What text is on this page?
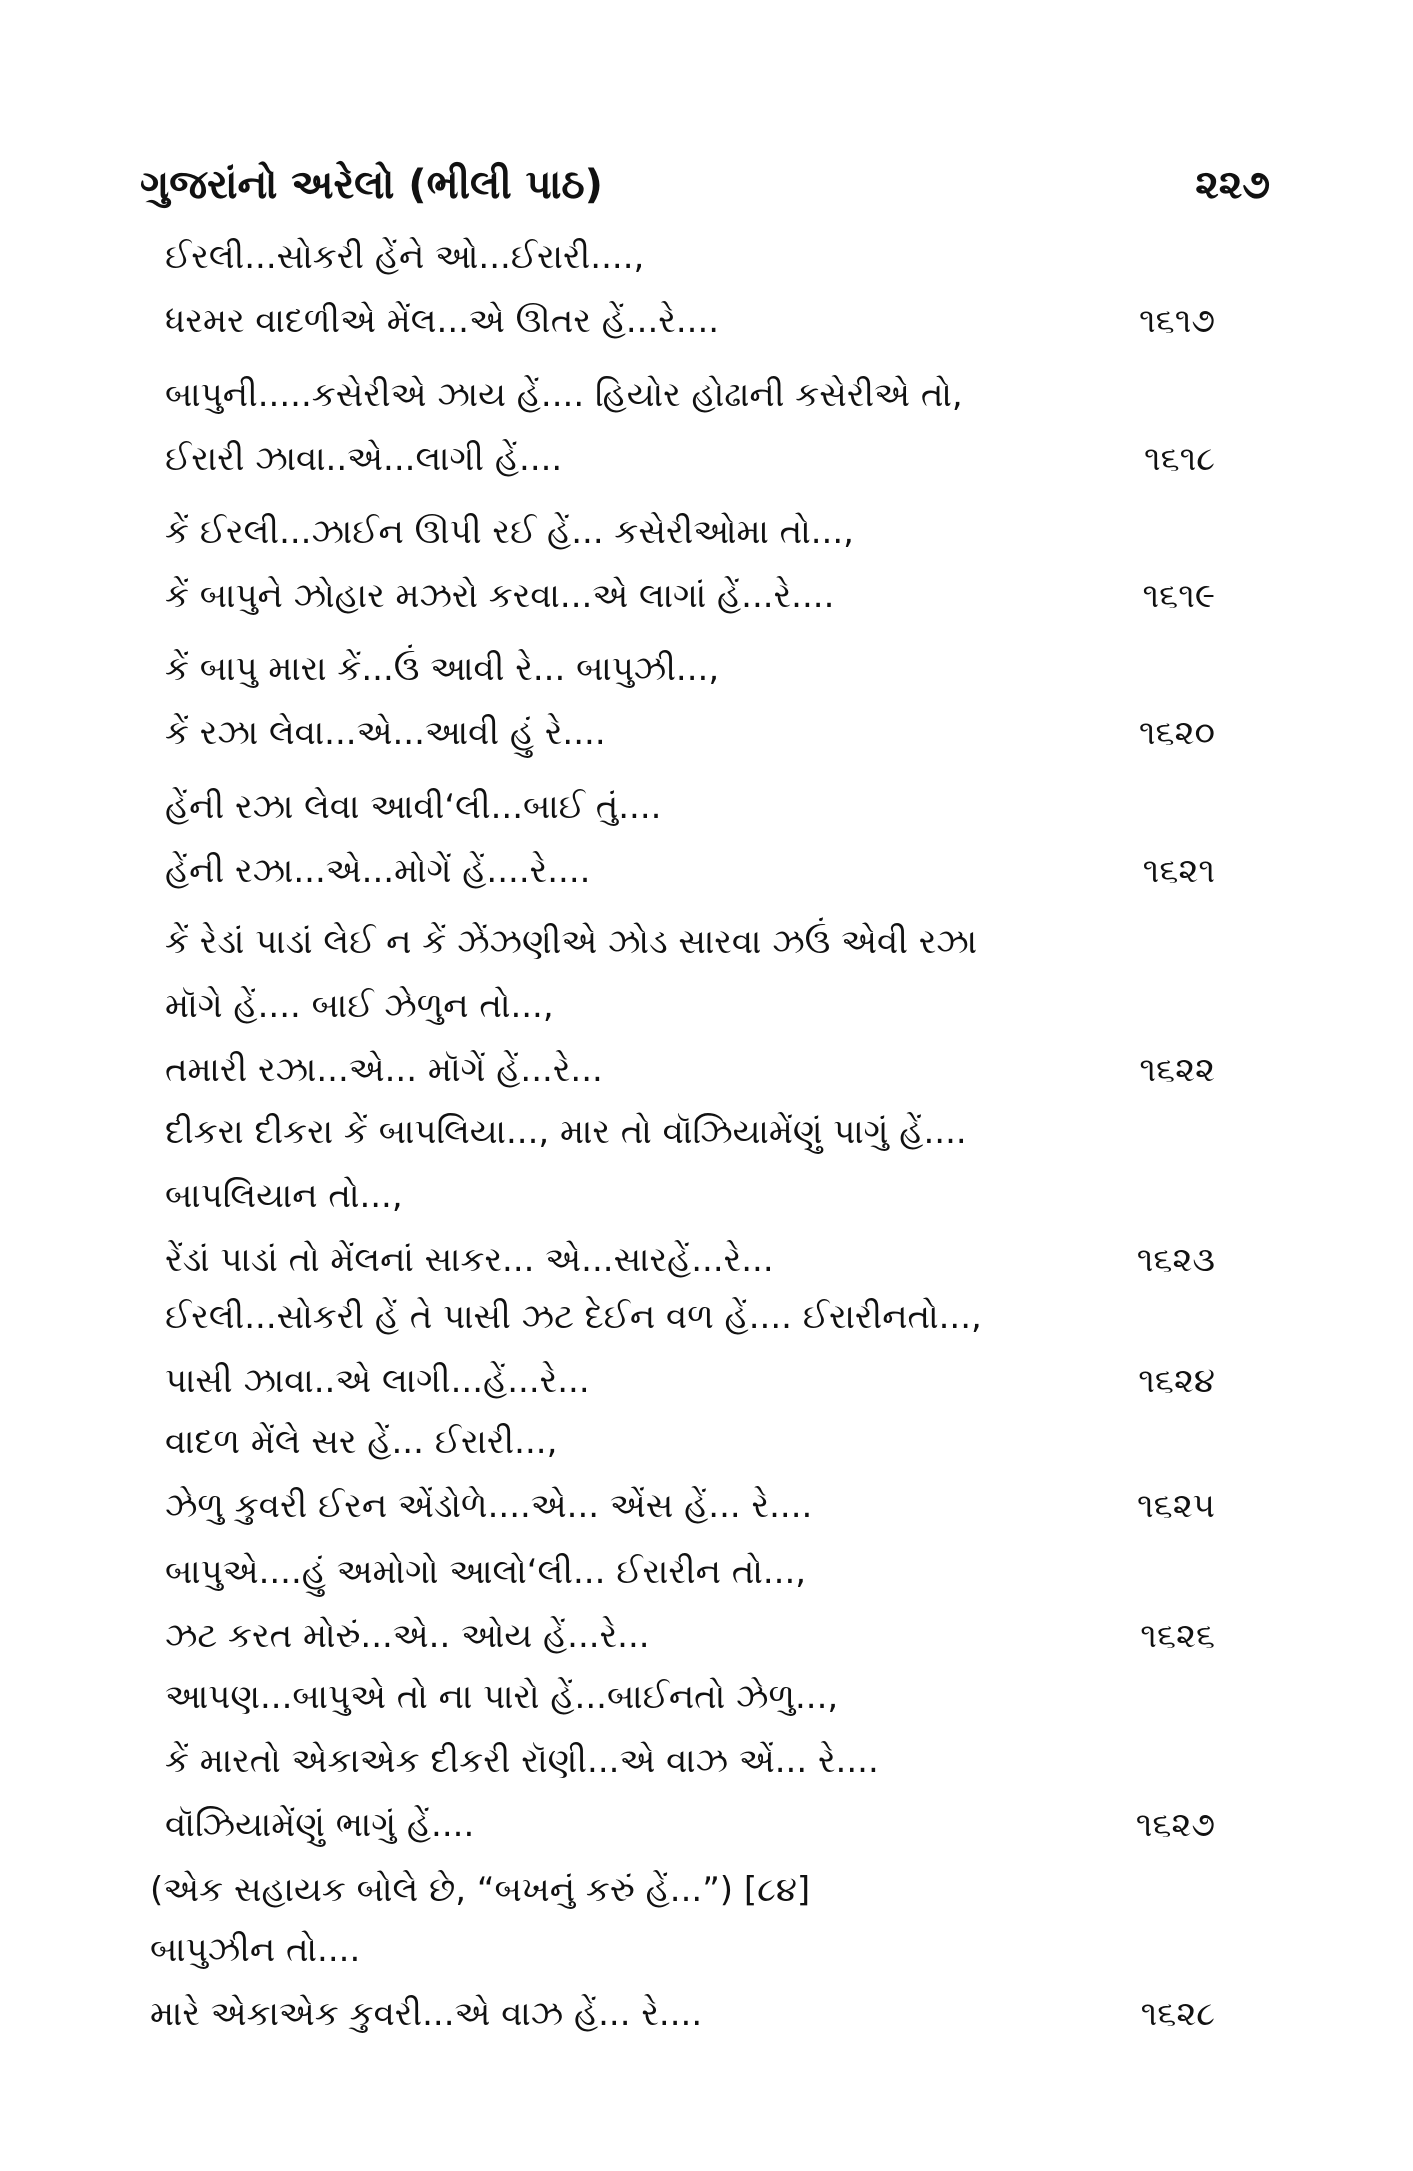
ગુજરાંનો અરેલો (ભીલી પાઠ)	૨૨૭
ઈરલી...સોકરી હેંને ઓ...ઈરારી....,
ધરમર વાદળીએ મેંલ...એ ઊતર હેં...રે....	૧૬૧૭
બાપુની.....કસેરીએ ઝાય હેં.... હિયોર હોઢાની કસેરીએ તો,
ઈરારી ઝાવા..એ...લાગી હેં....	૧૬૧૮
કેં ઈરલી...ઝાઈન ઊપી રઈ હેં... કસેરીઓમા તો...,
કેં બાપુને ઝોહાર મઝરો કરવા...એ લાગાં હેં...રે....	૧૬૧૯
કેં બાપુ મારા કેં...ઉં આવી રે... બાપુઝી...,
કેં રઝા લેવા...એ...આવી હું રે....	૧૬૨૦
હેંની રઝા લેવા આવી‘લી...બાઈ તું....
હેંની રઝા...એ...મોગેં હેં....રે....	૧૬૨૧
કેં રેડાં પાડાં લેઈ ન કેં ઝેંઝણીએ ઝોડ સારવા ઝઉં એવી રઝા
મૉગે હેં.... બાઈ ઝેળુન તો...,
તમારી રઝા...એ... મૉગેં હેં...રે...	૧૬૨૨
દીકરા દીકરા કેં બાપલિયા..., માર તો વૉઝિયામેંણું પાગું હેં....
બાપલિયાન તો...,
રેંડાં પાડાં તો મેંલનાં સાકર... એ...સારહેં...રે...	૧૬૨૩
ઈરલી...સોકરી હેં તે પાસી ઝટ દેઈન વળ હેં.... ઈરારીનતો...,
પાસી ઝાવા..એ લાગી...હેં...રે...	૧૬૨૪
વાદળ મેંલે સર હેં... ઈરારી...,
ઝેળુ કુવરી ઈરન એંડોળે....એ... એંસ હેં... રે....	૧૬૨૫
બાપુએ....હું અમોગો આલો‘લી... ઈરારીન તો...,
ઝટ કરત મોરું...એ.. ઓય હેં...રે...	૧૬૨૬
આપણ...બાપુએ તો ના પારો હેં...બાઈનતો ઝેળુ...,
કેં મારતો એકાએક દીકરી રૉણી...એ વાઝ એં... રે....
વૉઝિયામેંણું ભાગું હેં....	૧૬૨૭
(એક સહાયક બોલે છે, “બખનું કરું હેં...”) [૮૪]
બાપુઝીન તો....
મારે એકાએક કુવરી...એ વાઝ હેં... રે....	૧૬૨૮
